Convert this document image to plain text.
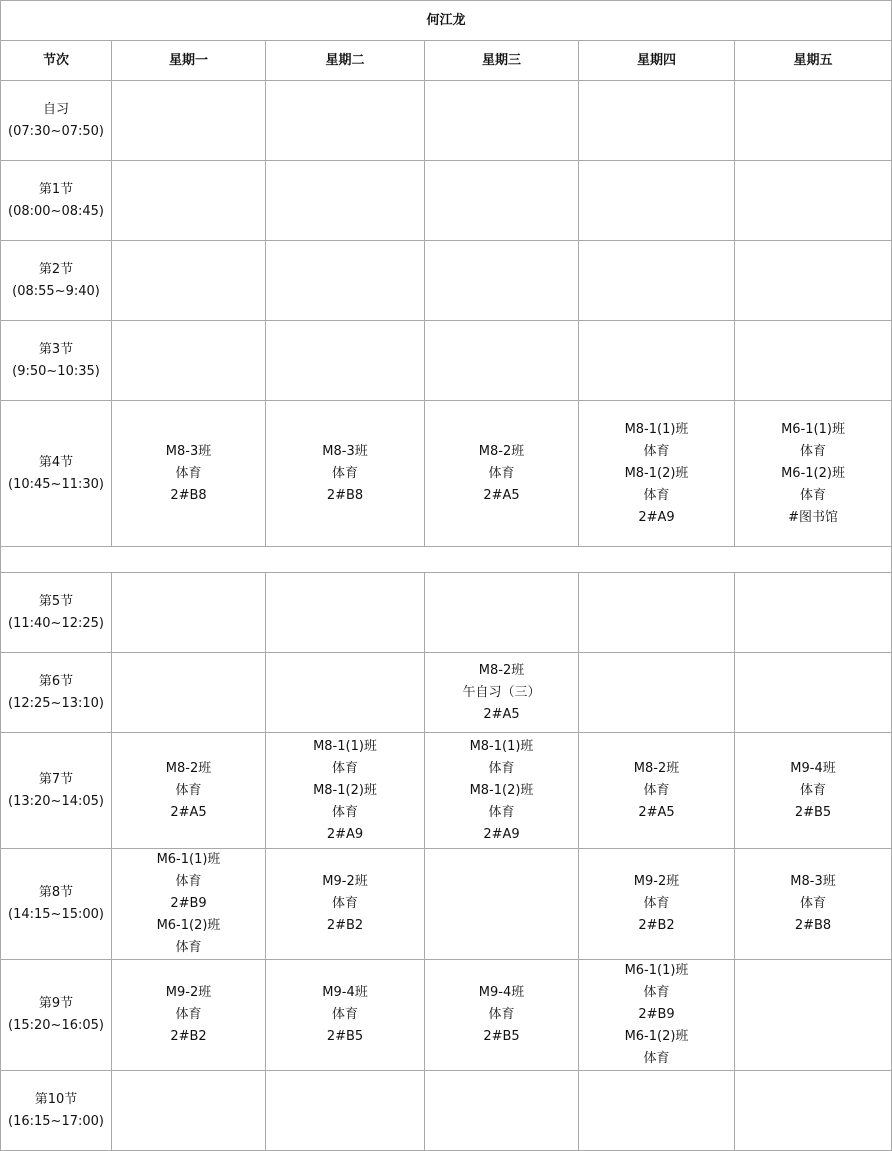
何江龙					
节次	星期一	星期二	星期三	星期四	星期五

自习
(07:30~07:50)					

第1节
(08:00~08:45)					

第2节
(08:55~9:40)					

第3节
(9:50~10:35)					

第4节
(10:45~11:30)	M8-3班
体育
2#B8	M8-3班
体育
2#B8	M8-2班
体育
2#A5	M8-1(1)班
体育
M8-1(2)班
体育
2#A9	M6-1(1)班
体育
M6-1(2)班
体育
#图书馆

第5节
(11:40~12:25)					

第6节
(12:25~13:10)			M8-2班
午自习（三）
2#A5		

第7节
(13:20~14:05)	M8-2班
体育
2#A5	M8-1(1)班
体育
M8-1(2)班
体育
2#A9	M8-1(1)班
体育
M8-1(2)班
体育
2#A9	M8-2班
体育
2#A5	M9-4班
体育
2#B5

第8节
(14:15~15:00)	M6-1(1)班
体育
2#B9
M6-1(2)班
体育	M9-2班
体育
2#B2		M9-2班
体育
2#B2	M8-3班
体育
2#B8

第9节
(15:20~16:05)	M9-2班
体育
2#B2	M9-4班
体育
2#B5	M9-4班
体育
2#B5	M6-1(1)班
体育
2#B9
M6-1(2)班
体育	

第10节
(16:15~17:00)					
